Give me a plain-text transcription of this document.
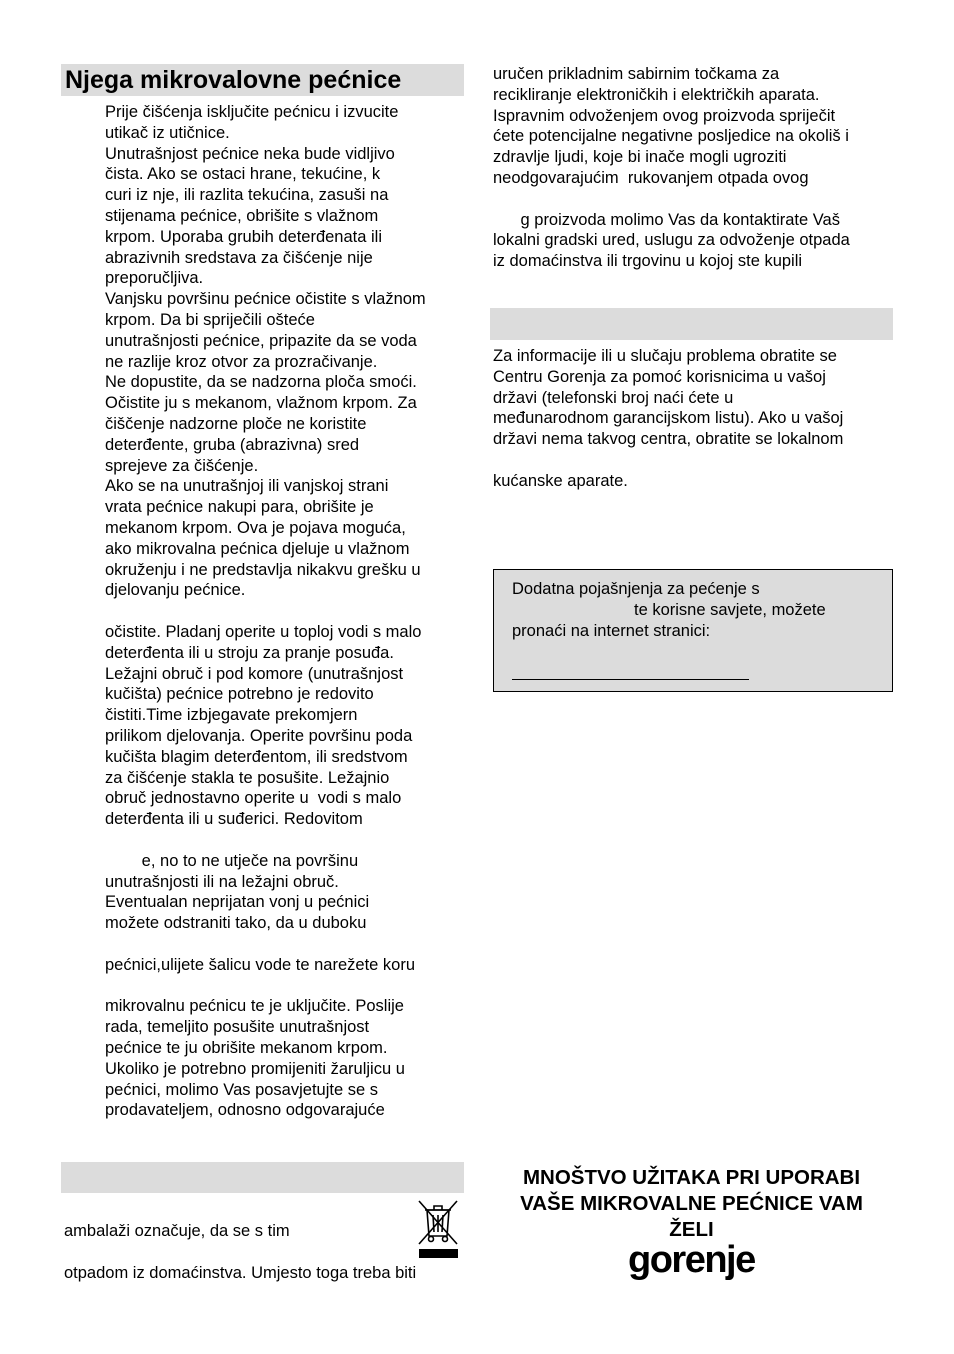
Njega mikrovalovne pećnice
Prije čišćenja isključite pećnicu i izvucite
utikač iz utičnice.
Unutrašnjost pećnice neka bude vidljivo
čista. Ako se ostaci hrane, tekućine, k
curi iz nje, ili razlita tekućina, zasuši na
stijenama pećnice, obrišite s vlažnom
krpom. Uporaba grubih deterđenata ili
abrazivnih sredstava za čišćenje nije
preporučljiva.
Vanjsku površinu pećnice očistite s vlažnom
krpom. Da bi spriječili ošteće
unutrašnjosti pećnice, pripazite da se voda
ne razlije kroz otvor za prozračivanje.
Ne dopustite, da se nadzorna ploča smoći.
Očistite ju s mekanom, vlažnom krpom. Za
čiščenje nadzorne ploče ne koristite
deterđente, gruba (abrazivna) sred
sprejeve za čišćenje.
Ako se na unutrašnjoj ili vanjskoj strani
vrata pećnice nakupi para, obrišite je
mekanom krpom. Ova je pojava moguća,
ako mikrovalna pećnica djeluje u vlažnom
okruženju i ne predstavlja nikakvu grešku u
djelovanju pećnice.
očistite. Pladanj operite u toploj vodi s malo
deterđenta ili u stroju za pranje posuđa.
Ležajni obruč i pod komore (unutrašnjost
kučišta) pećnice potrebno je redovito
čistiti.Time izbjegavate prekomjern
prilikom djelovanja. Operite površinu poda
kučišta blagim deterđentom, ili sredstvom
za čišćenje stakla te posušite. Ležajnio
obruč jednostavno operite u  vodi s malo
deterđenta ili u suđerici. Redovitom
e, no to ne utječe na površinu
unutrašnjosti ili na ležajni obruč.
Eventualan neprijatan vonj u pećnici
možete odstraniti tako, da u duboku
pećnici,ulijete šalicu vode te narežete koru
mikrovalnu pećnicu te je uključite. Poslije
rada, temeljito posušite unutrašnjost
pećnice te ju obrišite mekanom krpom.
Ukoliko je potrebno promijeniti žaruljicu u
pećnici, molimo Vas posavjetujte se s
prodavateljem, odnosno odgovarajuće
ambalaži označuje, da se s tim
otpadom iz domaćinstva. Umjesto toga treba biti
uručen prikladnim sabirnim točkama za
recikliranje elektroničkih i električkih aparata.
Ispravnim odvoženjem ovog proizvoda spriječit
ćete potencijalne negativne posljedice na okoliš i
zdravlje ljudi, koje bi inače mogli ugroziti
neodgovarajućim  rukovanjem otpada ovog
g proizvoda molimo Vas da kontaktirate Vaš
lokalni gradski ured, uslugu za odvoženje otpada
iz domaćinstva ili trgovinu u kojoj ste kupili
Za informacije ili u slučaju problema obratite se
Centru Gorenja za pomoć korisnicima u vašoj
državi (telefonski broj naći ćete u
međunarodnom garancijskom listu). Ako u vašoj
državi nema takvog centra, obratite se lokalnom
kućanske aparate.
Dodatna pojašnjenja za pećenje s
te korisne savjete, možete
pronaći na internet stranici:
MNOŠTVO UŽITAKA PRI UPORABI
VAŠE MIKROVALNE PEĆNICE VAM
ŽELI
gorenje
